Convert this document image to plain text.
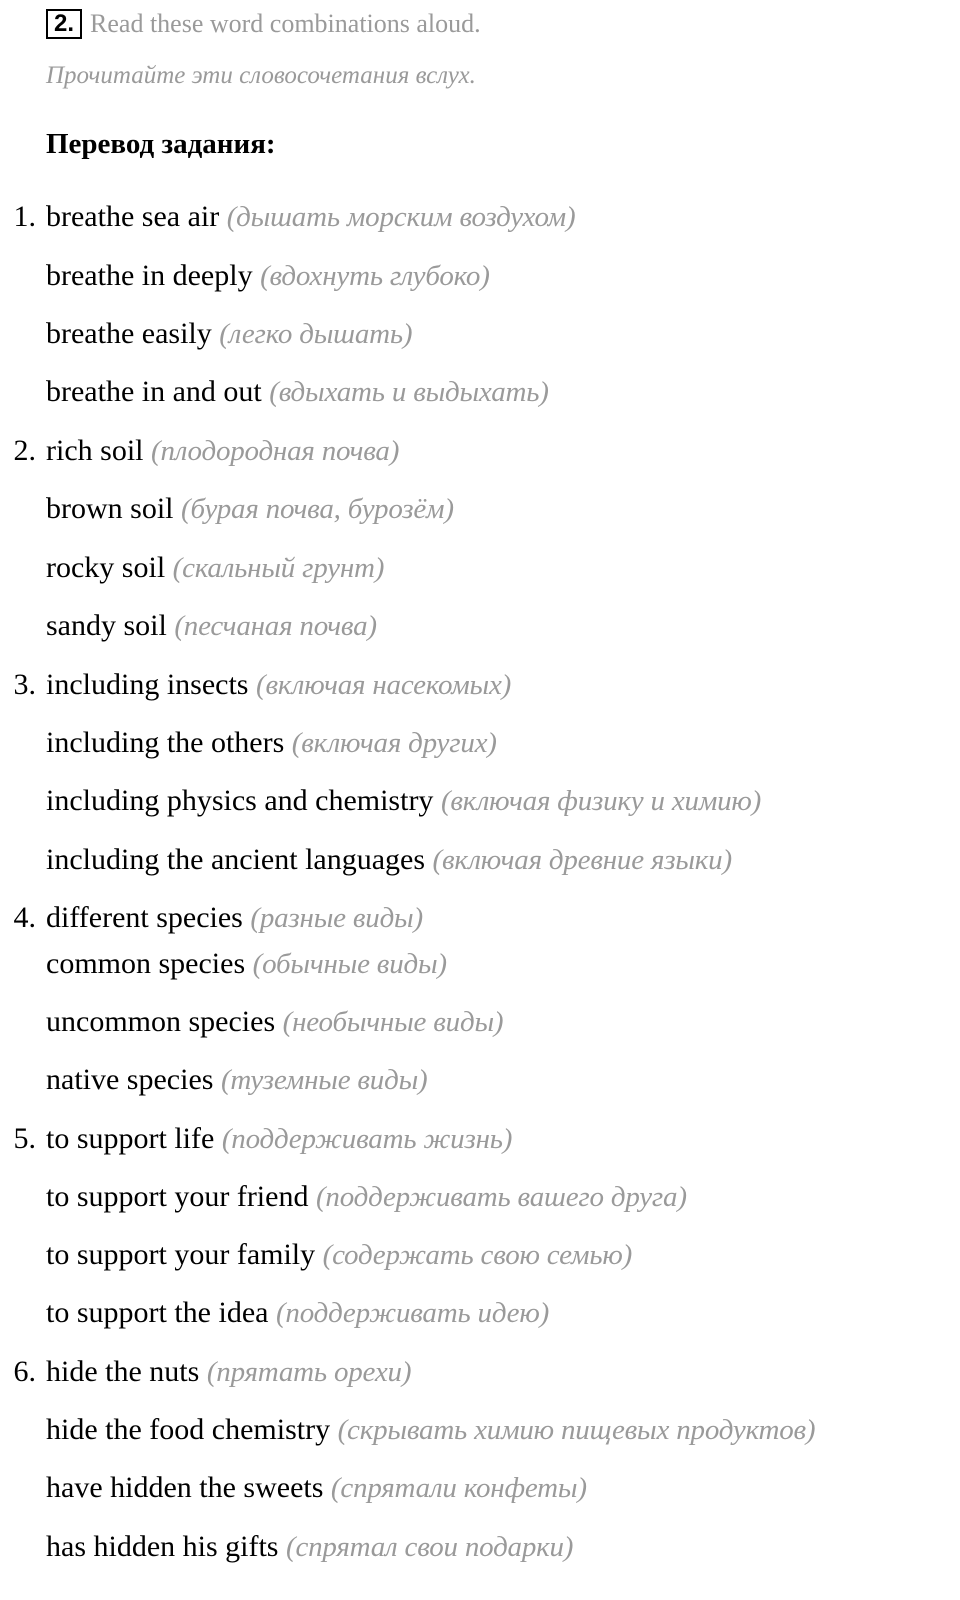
2. Read these word combinations aloud.
Прочитайте эти словосочетания вслух.
Перевод задания:
1. breathe sea air (дышать морским воздухом)
breathe in deeply (вдохнуть глубоко)
breathe easily (легко дышать)
breathe in and out (вдыхать и выдыхать)
2. rich soil (плодородная почва)
brown soil (бурая почва, бурозём)
rocky soil (скальный грунт)
sandy soil (песчаная почва)
3. including insects (включая насекомых)
including the others (включая других)
including physics and chemistry (включая физику и химию)
including the ancient languages (включая древние языки)
4. different species (разные виды)
common species (обычные виды)
uncommon species (необычные виды)
native species (туземные виды)
5. to support life (поддерживать жизнь)
to support your friend (поддерживать вашего друга)
to support your family (содержать свою семью)
to support the idea (поддерживать идею)
6. hide the nuts (прятать орехи)
hide the food chemistry (скрывать химию пищевых продуктов)
have hidden the sweets (спрятали конфеты)
has hidden his gifts (спрятал свои подарки)
